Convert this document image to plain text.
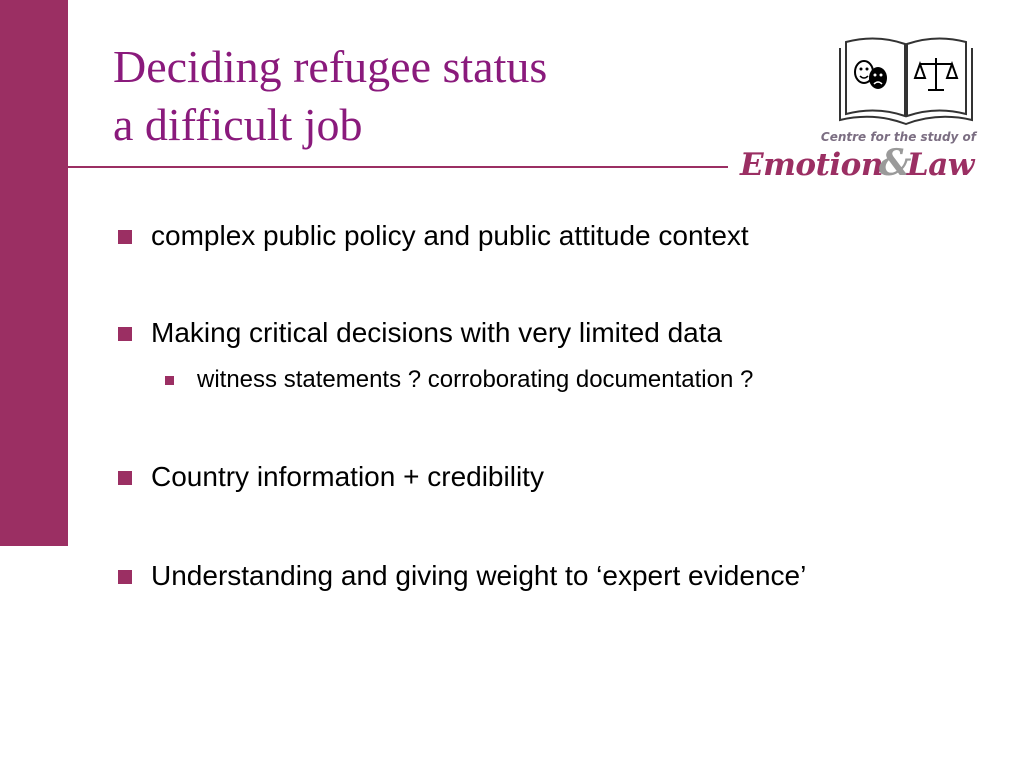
Deciding refugee status
a difficult job	Centre for the study of
Emotion&Law
complex public policy and public attitude context
Making critical decisions with very limited data
witness statements ? corroborating documentation ?
Country information + credibility
Understanding and giving weight to ‘expert evidence’
